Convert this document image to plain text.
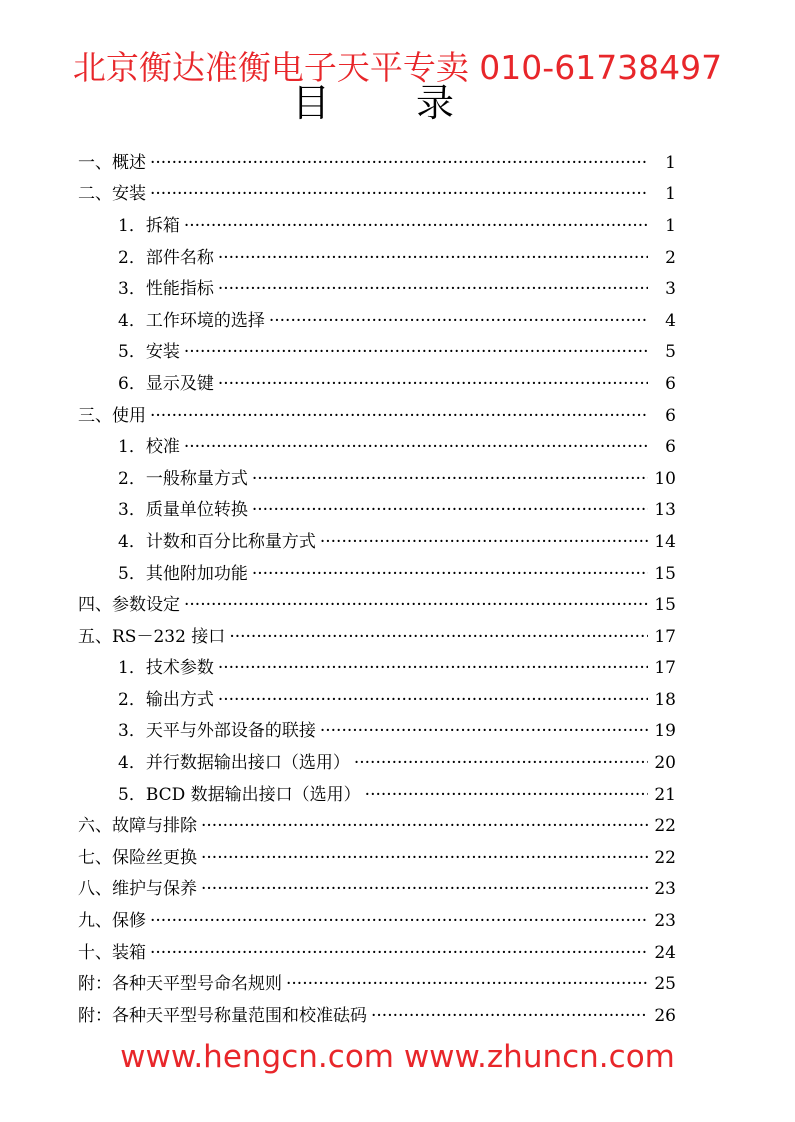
北京衡达准衡电子天平专卖 010-61738497
目 录
一、概述 ·····	1
二、安装 ·····	1
1．拆箱 ·····	1
2．部件名称 ·····	2
3．性能指标 ·····	3
4．工作环境的选择 ·····	4
5．安装 ·····	5
6．显示及键 ·····	6
三、使用 ·····	6
1．校准 ·····	6
2．一般称量方式 ·····	10
3．质量单位转换 ·····	13
4．计数和百分比称量方式 ·····	14
5．其他附加功能 ·····	15
四、参数设定 ·····	15
五、RS－232 接口 ·····	17
1．技术参数 ·····	17
2．输出方式 ·····	18
3．天平与外部设备的联接 ·····	19
4．并行数据输出接口（选用） ·····	20
5．BCD 数据输出接口（选用） ·····	21
六、故障与排除 ·····	22
七、保险丝更换 ·····	22
八、维护与保养 ·····	23
九、保修 ·····	23
十、装箱 ·····	24
附：各种天平型号命名规则 ·····	25
附：各种天平型号称量范围和校准砝码 ·····	26
www.hengcn.com www.zhuncn.com
